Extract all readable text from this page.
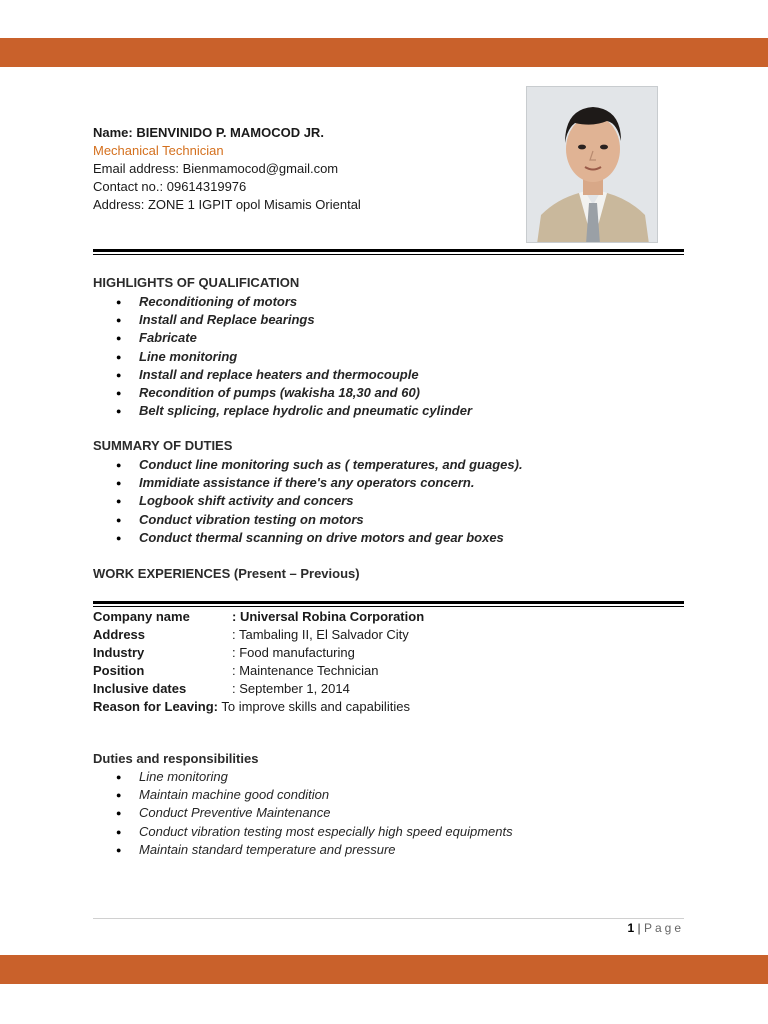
Name: BIENVINIDO P. MAMOCOD JR.
Mechanical Technician
Email address: Bienmamocod@gmail.com
Contact no.: 09614319976
Address: ZONE 1 IGPIT opol Misamis Oriental
HIGHLIGHTS OF QUALIFICATION
● Reconditioning of motors
● Install and Replace bearings
● Fabricate
● Line monitoring
● Install and replace heaters and thermocouple
● Recondition of pumps (wakisha 18,30 and 60)
● Belt splicing, replace hydrolic and pneumatic cylinder
SUMMARY OF DUTIES
● Conduct line monitoring such as ( temperatures, and guages).
● Immidiate assistance if there's any operators concern.
● Logbook shift activity and concers
● Conduct vibration testing on motors
● Conduct thermal scanning on drive motors and gear boxes
WORK EXPERIENCES (Present – Previous)
Company name	: Universal Robina Corporation
Address	: Tambaling II, El Salvador City
Industry	: Food manufacturing
Position	: Maintenance Technician
Inclusive dates	: September 1, 2014
Reason for Leaving: To improve skills and capabilities
Duties and responsibilities
● Line monitoring
● Maintain machine good condition
● Conduct Preventive Maintenance
● Conduct vibration testing most especially high speed equipments
● Maintain standard temperature and pressure
1 | Page
